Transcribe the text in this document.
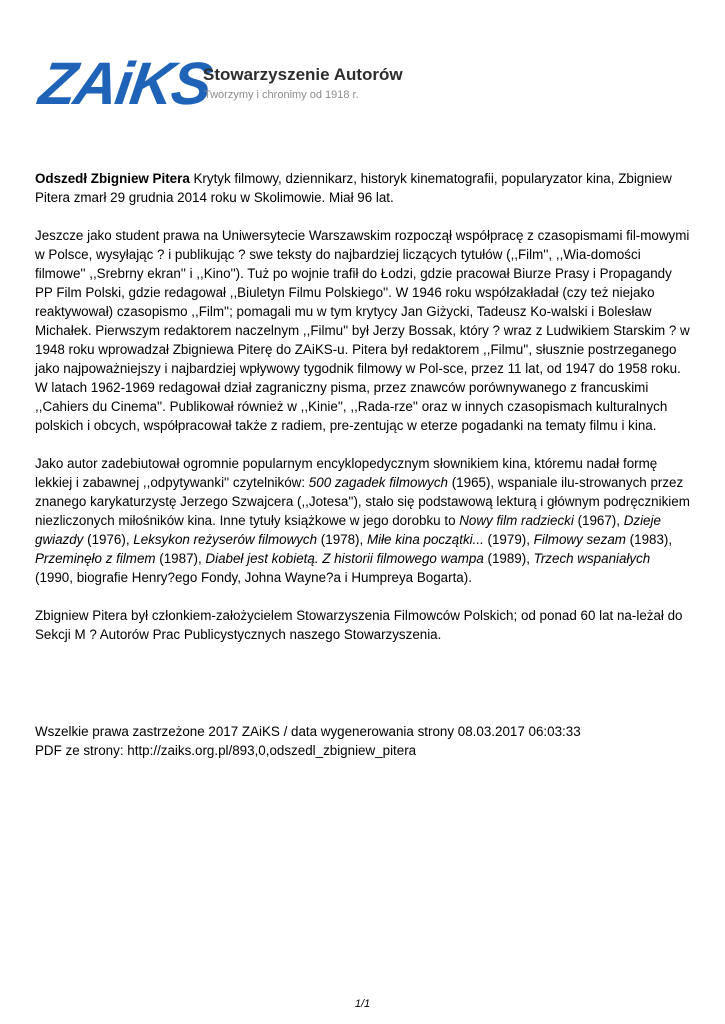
ZAiKS
Stowarzyszenie Autorów
Tworzymy i chronimy od 1918 r.

Odszedł Zbigniew Pitera Krytyk filmowy, dziennikarz, historyk kinematografii, popularyzator kina, Zbigniew Pitera zmarł 29 grudnia 2014 roku w Skolimowie. Miał 96 lat.

Jeszcze jako student prawa na Uniwersytecie Warszawskim rozpoczął współpracę z czasopismami fil-mowymi w Polsce, wysyłając ? i publikując ? swe teksty do najbardziej liczących tytułów (,,Film'', ,,Wia-domości filmowe'' ,,Srebrny ekran'' i ,,Kino''). Tuż po wojnie trafił do Łodzi, gdzie pracował Biurze Prasy i Propagandy PP Film Polski, gdzie redagował ,,Biuletyn Filmu Polskiego''. W 1946 roku współzakładał (czy też niejako reaktywował) czasopismo ,,Film''; pomagali mu w tym krytycy Jan Giżycki, Tadeusz Ko-walski i Bolesław Michałek. Pierwszym redaktorem naczelnym ,,Filmu'' był Jerzy Bossak, który ? wraz z Ludwikiem Starskim ? w 1948 roku wprowadzał Zbigniewa Piterę do ZAiKS-u. Pitera był redaktorem ,,Filmu'', słusznie postrzeganego jako najpoważniejszy i najbardziej wpływowy tygodnik filmowy w Pol-sce, przez 11 lat, od 1947 do 1958 roku. W latach 1962-1969 redagował dział zagraniczny pisma, przez znawców porównywanego z francuskimi ,,Cahiers du Cinema''. Publikował również w ,,Kinie'', ,,Rada-rze'' oraz w innych czasopismach kulturalnych polskich i obcych, współpracował także z radiem, pre-zentując w eterze pogadanki na tematy filmu i kina.

Jako autor zadebiutował ogromnie popularnym encyklopedycznym słownikiem kina, któremu nadał formę lekkiej i zabawnej ,,odpytywanki'' czytelników: 500 zagadek filmowych (1965), wspaniale ilu-strowanych przez znanego karykaturzystę Jerzego Szwajcera (,,Jotesa''), stało się podstawową lekturą i głównym podręcznikiem niezliczonych miłośników kina. Inne tytuły książkowe w jego dorobku to Nowy film radziecki (1967), Dzieje gwiazdy (1976), Leksykon reżyserów filmowych (1978), Miłe kina początki... (1979), Filmowy sezam (1983), Przeminęło z filmem (1987), Diabeł jest kobietą. Z historii filmowego wampa (1989), Trzech wspaniałych (1990, biografie Henry?ego Fondy, Johna Wayne?a i Humpreya Bogarta).

Zbigniew Pitera był członkiem-założycielem Stowarzyszenia Filmowców Polskich; od ponad 60 lat na-leżał do Sekcji M ? Autorów Prac Publicystycznych naszego Stowarzyszenia.

Wszelkie prawa zastrzeżone 2017 ZAiKS / data wygenerowania strony 08.03.2017 06:03:33
PDF ze strony: http://zaiks.org.pl/893,0,odszedl_zbigniew_pitera
1/1
